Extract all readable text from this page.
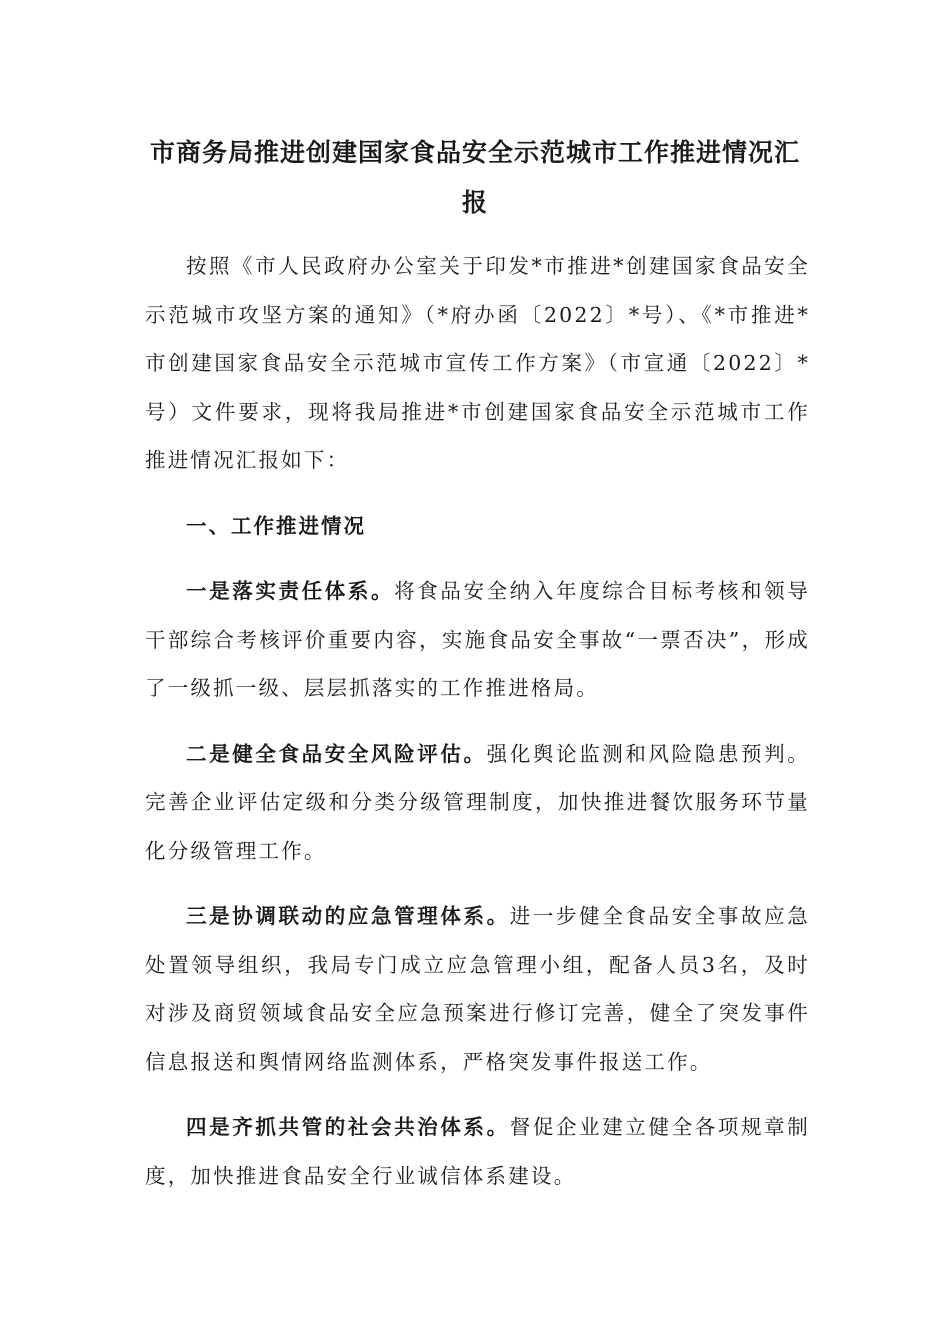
市商务局推进创建国家食品安全示范城市工作推进情况汇报

按照《市人民政府办公室关于印发*市推进*创建国家食品安全示范城市攻坚方案的通知》（*府办函〔2022〕*号）、《*市推进*市创建国家食品安全示范城市宣传工作方案》（市宣通〔2022〕*号）文件要求，现将我局推进*市创建国家食品安全示范城市工作推进情况汇报如下：

一、工作推进情况

一是落实责任体系。将食品安全纳入年度综合目标考核和领导干部综合考核评价重要内容，实施食品安全事故“一票否决”，形成了一级抓一级、层层抓落实的工作推进格局。

二是健全食品安全风险评估。强化舆论监测和风险隐患预判。完善企业评估定级和分类分级管理制度，加快推进餐饮服务环节量化分级管理工作。

三是协调联动的应急管理体系。进一步健全食品安全事故应急处置领导组织，我局专门成立应急管理小组，配备人员3名，及时对涉及商贸领域食品安全应急预案进行修订完善，健全了突发事件信息报送和舆情网络监测体系，严格突发事件报送工作。

四是齐抓共管的社会共治体系。督促企业建立健全各项规章制度，加快推进食品安全行业诚信体系建设。
